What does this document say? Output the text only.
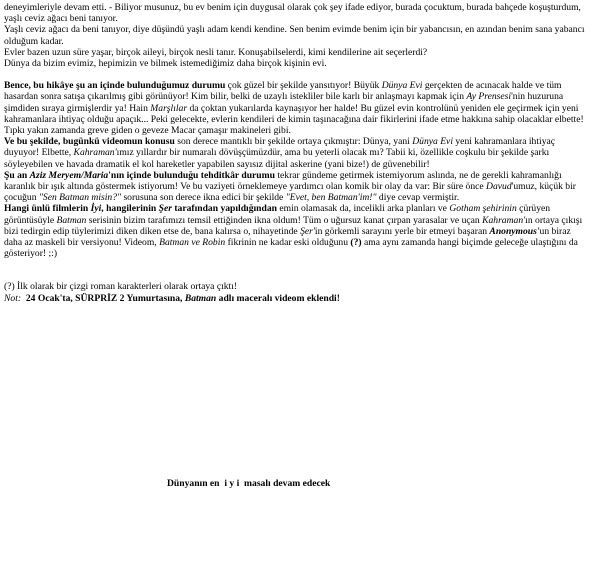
deneyimleriyle devam etti. - Biliyor musunuz, bu ev benim için duygusal olarak çok şey ifade ediyor, burada çocuktum, burada bahçede koşuşturdum, yaşlı ceviz ağacı beni tanıyor.

Yaşlı ceviz ağacı da beni tanıyor, diye düşündü yaşlı adam kendi kendine. Sen benim evimde benim için bir yabancısın, en azından benim sana yabancı olduğum kadar.

Evler bazen uzun süre yaşar, birçok aileyi, birçok nesli tanır. Konuşabilselerdi, kimi kendilerine ait seçerlerdi?

Dünya da bizim evimiz, hepimizin ve bilmek istemediğimiz daha birçok kişinin evi.

Bence, bu hikâye şu an içinde bulunduğumuz durumu çok güzel bir şekilde yansıtıyor! Büyük Dünya Evi gerçekten de acınacak halde ve tüm hasardan sonra satışa çıkarılmış gibi görünüyor! Kim bilir, belki de uzaylı istekliler bile karlı bir anlaşmayı kapmak için Ay Prensesi'nin huzuruna şimdiden sıraya girmişlerdir ya! Hain Marşlılar da çoktan yukarılarda kaynaşıyor her halde! Bu güzel evin kontrolünü yeniden ele geçirmek için yeni kahramanlara ihtiyaç olduğu apaçık... Peki gelecekte, evlerin kendileri de kimin taşınacağına dair fikirlerini ifade etme hakkına sahip olacaklar elbette! Tıpkı yakın zamanda greve giden o geveze Macar çamaşır makineleri gibi.

Ve bu şekilde, bugünkü videomun konusu son derece mantıklı bir şekilde ortaya çıkmıştır: Dünya, yani Dünya Evi yeni kahramanlara ihtiyaç duyuyor! Elbette, Kahraman'ımız yıllardır bir numaralı dövüşçümüzdür, ama bu yeterli olacak mı? Tabii ki, özellikle coşkulu bir şekilde şarkı söyleyebilen ve havada dramatik el kol hareketler yapabilen sayısız dijital askerine (yani bize!) de güvenebilir!

Şu an Aziz Meryem/Maria'nın içinde bulunduğu tehditkâr durumu tekrar gündeme getirmek istemiyorum aslında, ne de gerekli kahramanlığı karanlık bir ışık altında göstermek istiyorum! Ve bu vaziyeti örneklemeye yardımcı olan komik bir olay da var: Bir süre önce Davud'umuz, küçük bir çocuğun "Sen Batman misin?" sorusuna son derece ikna edici bir şekilde "Evet, ben Batman'im!" diye cevap vermiştir.

Hangi ünlü filmlerin İyi, hangilerinin Şer tarafından yapıldığından emin olamasak da, incelikli arka planları ve Gotham şehirinin çürüyen görüntüsüyle Batman serisinin bizim tarafımızı temsil ettiğinden ikna oldum! Tüm o uğursuz kanat çırpan yarasalar ve uçan Kahraman'ın ortaya çıkışı bizi tedirgin edip tüylerimizi diken diken etse de, bana kalırsa o, nihayetinde Şer'in görkemli sarayını yerle bir etmeyi başaran Anonymous'un biraz daha az maskeli bir versiyonu! Videom, Batman ve Robin fikrinin ne kadar eski olduğunu (?) ama aynı zamanda hangi biçimde geleceğe ulaştığını da gösteriyor! ;:)

(?) İlk olarak bir çizgi roman karakterleri olarak ortaya çıktı!

Not: 24 Ocak'ta, SÜRPRİZ 2 Yumurtasına, Batman adlı maceralı videom eklendi!

Dünyanın en  i y i  masalı devam edecek
